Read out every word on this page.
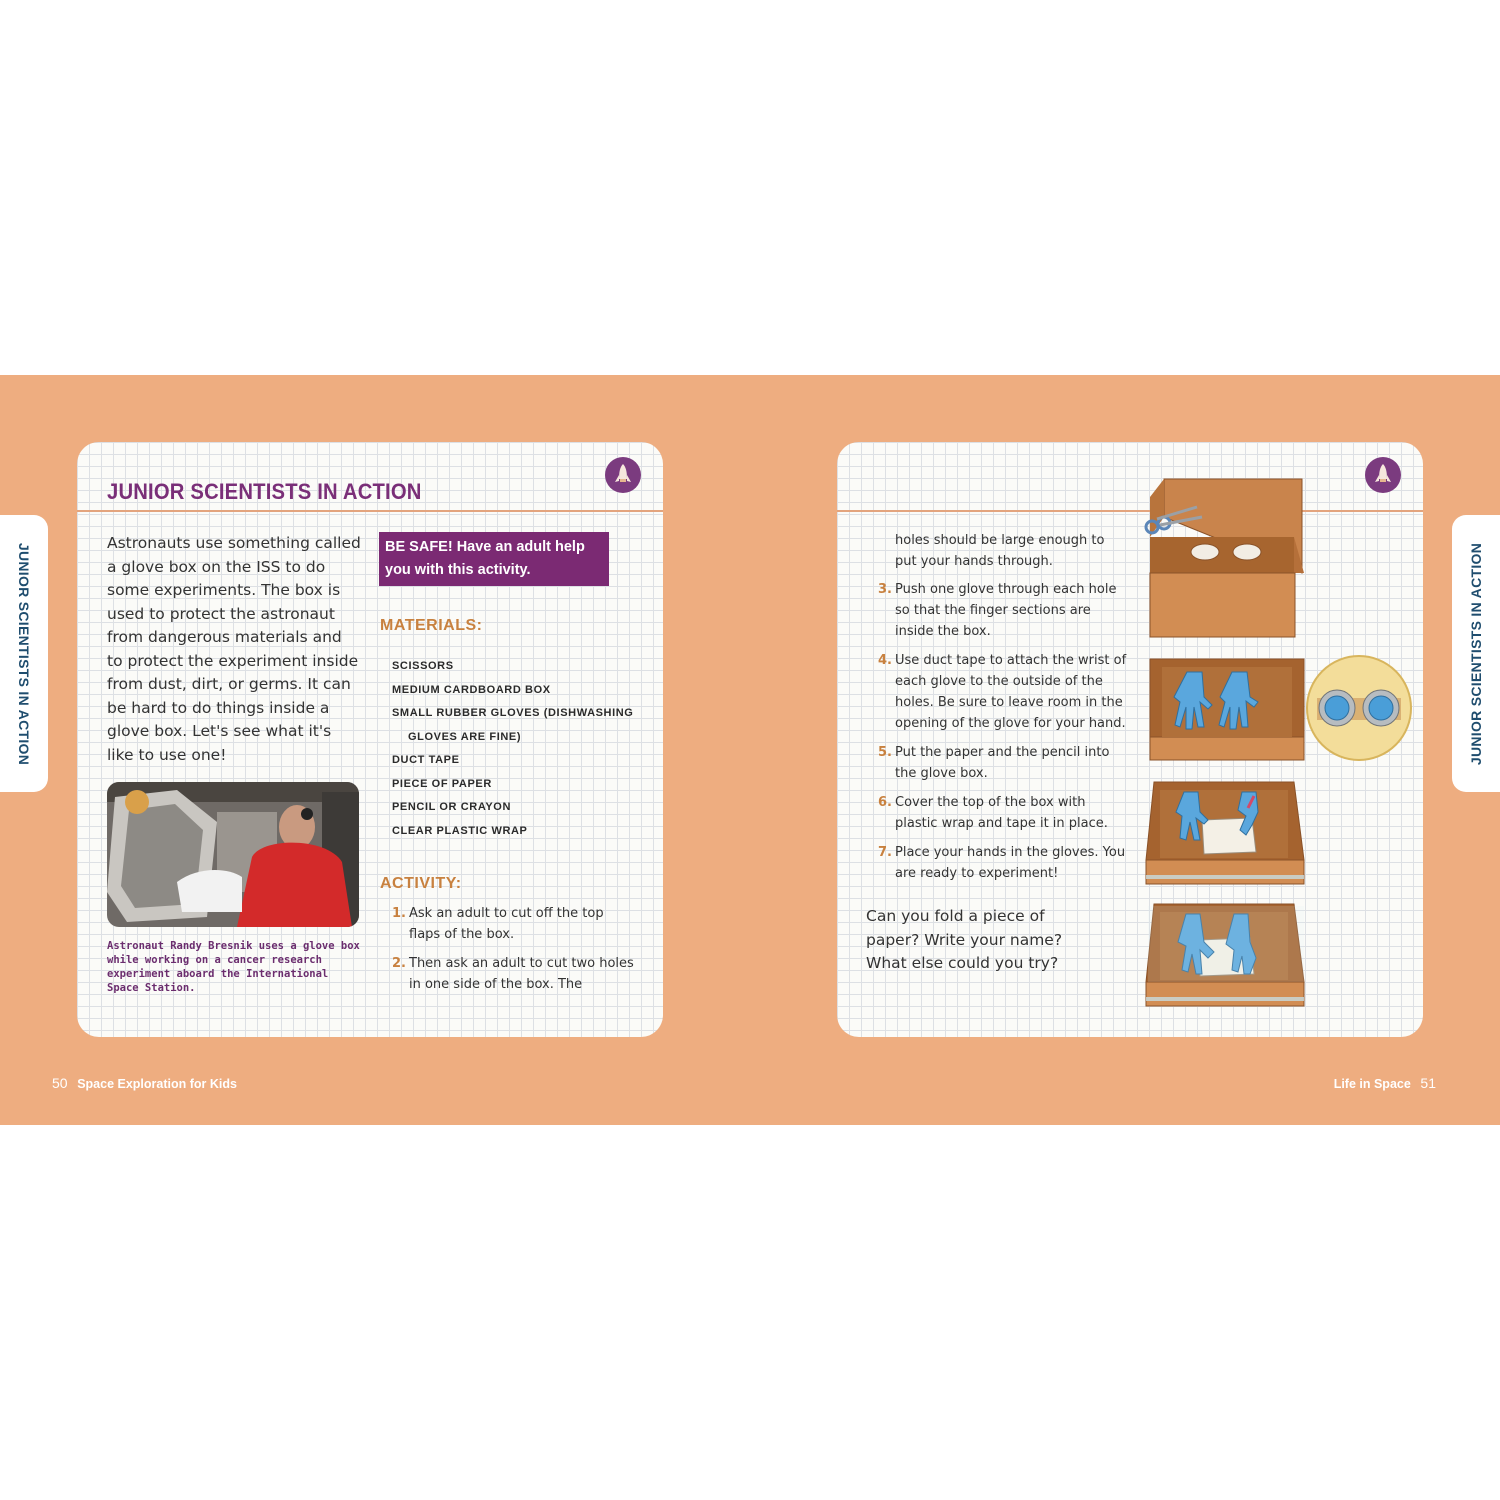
JUNIOR SCIENTISTS IN ACTION	JUNIOR SCIENTISTS IN ACTION
JUNIOR SCIENTISTS IN ACTION

Astronauts use something called a glove box on the ISS to do some experiments. The box is used to protect the astronaut from dangerous materials and to protect the experiment inside from dust, dirt, or germs. It can be hard to do things inside a glove box. Let's see what it's like to use one!

Astronaut Randy Bresnik uses a glove box while working on a cancer research experiment aboard the International Space Station.

BE SAFE! Have an adult help you with this activity.
MATERIALS:
SCISSORS
MEDIUM CARDBOARD BOX
SMALL RUBBER GLOVES (DISHWASHING GLOVES ARE FINE)
DUCT TAPE
PIECE OF PAPER
PENCIL OR CRAYON
CLEAR PLASTIC WRAP
ACTIVITY:
1. Ask an adult to cut off the top flaps of the box.
2. Then ask an adult to cut two holes in one side of the box. The

holes should be large enough to put your hands through.

3. Push one glove through each hole so that the finger sections are inside the box.
4. Use duct tape to attach the wrist of each glove to the outside of the holes. Be sure to leave room in the opening of the glove for your hand.
5. Put the paper and the pencil into the glove box.
6. Cover the top of the box with plastic wrap and tape it in place.
7. Place your hands in the gloves. You are ready to experiment!

Can you fold a piece of paper? Write your name? What else could you try?

50 Space Exploration for Kids	Life in Space 51
